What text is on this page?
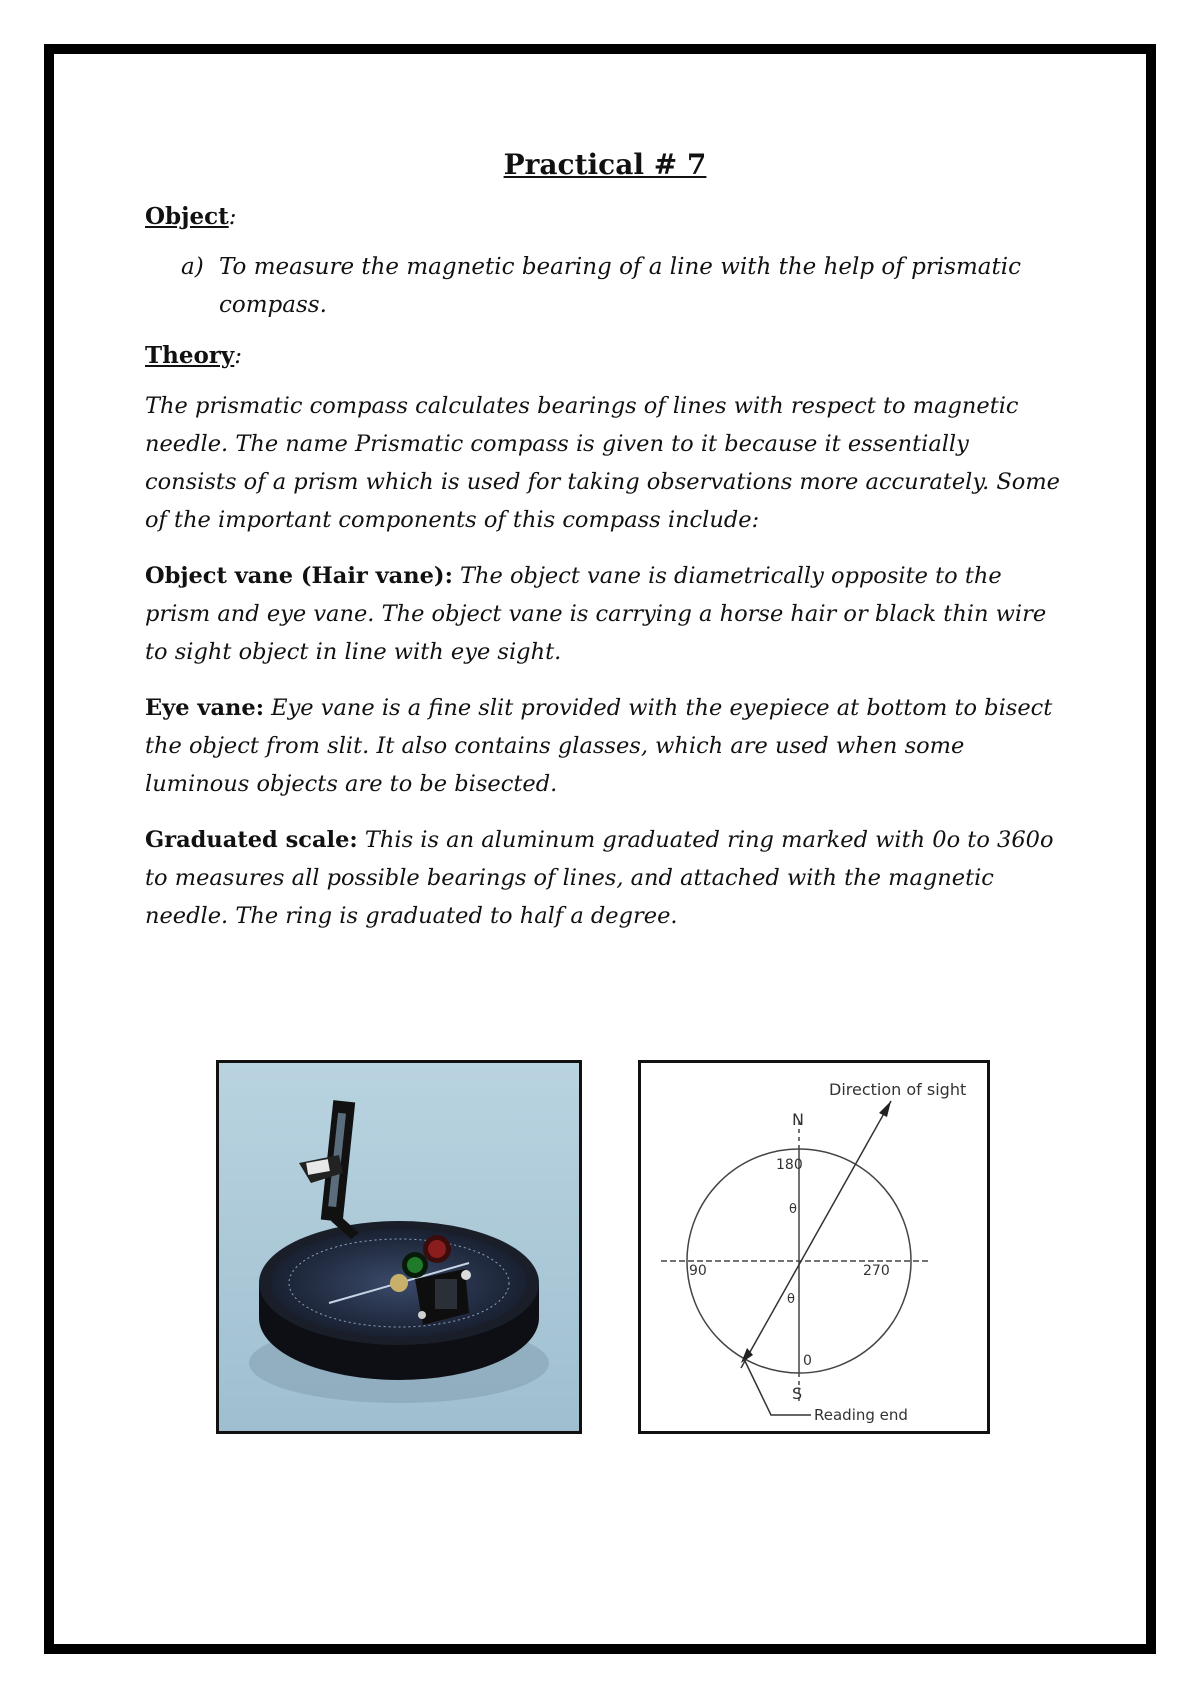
Practical # 7
Object:
a) To measure the magnetic bearing of a line with the help of prismatic compass.
Theory:

The prismatic compass calculates bearings of lines with respect to magnetic needle. The name Prismatic compass is given to it because it essentially consists of a prism which is used for taking observations more accurately. Some of the important components of this compass include:

Object vane (Hair vane): The object vane is diametrically opposite to the prism and eye vane. The object vane is carrying a horse hair or black thin wire to sight object in line with eye sight.

Eye vane: Eye vane is a fine slit provided with the eyepiece at bottom to bisect the object from slit. It also contains glasses, which are used when some luminous objects are to be bisected.

Graduated scale: This is an aluminum graduated ring marked with 0o to 360o to measures all possible bearings of lines, and attached with the magnetic needle. The ring is graduated to half a degree.

Direction of sight
N
180
θ
90	270
θ
0
S
Reading end
